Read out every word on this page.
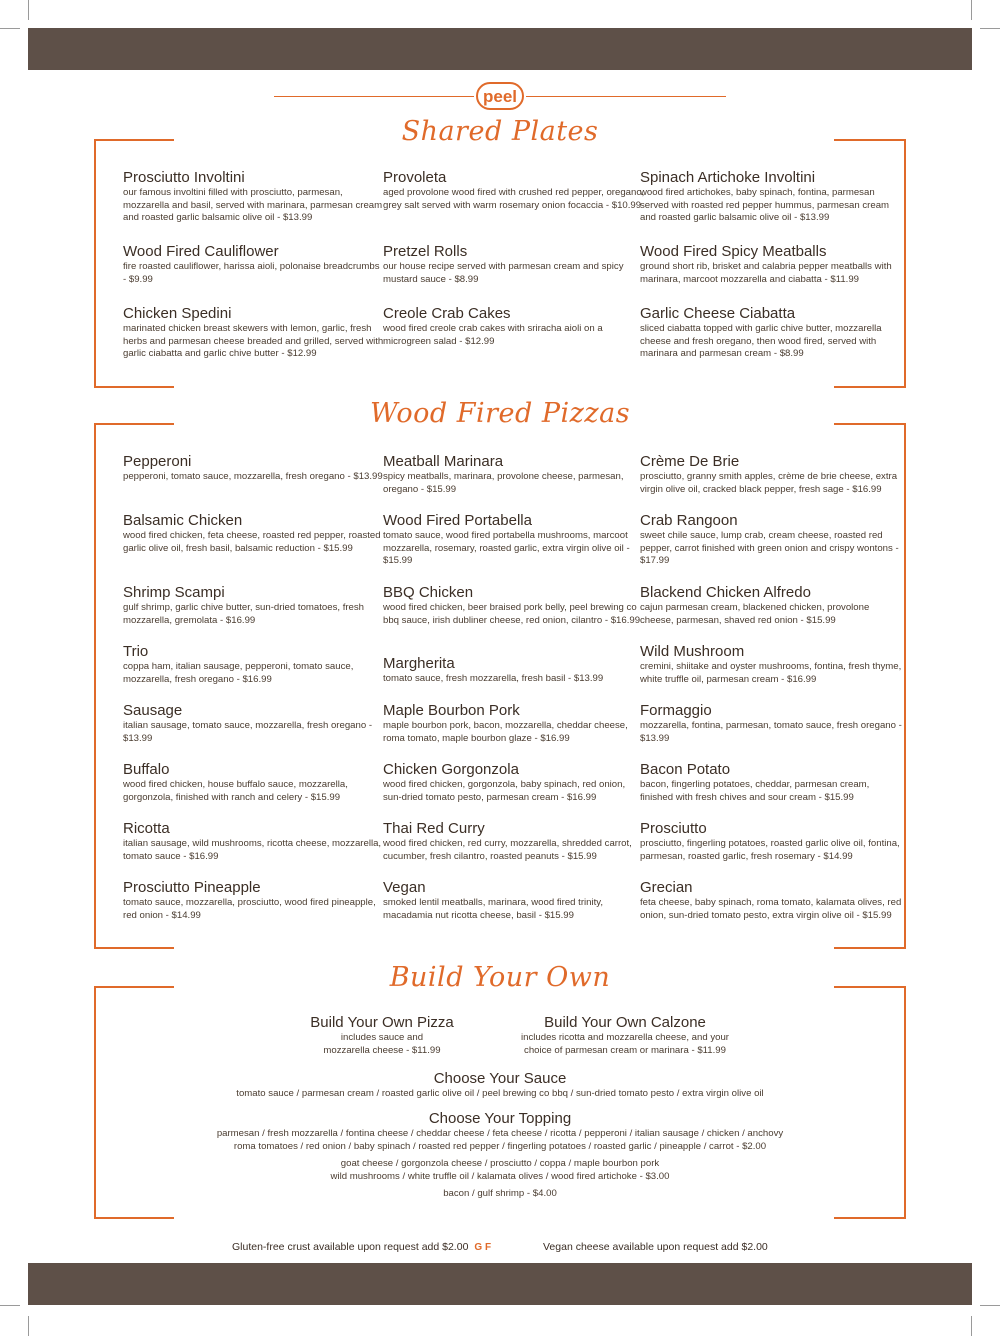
peel
Shared Plates
Prosciutto Involtini
our famous involtini filled with prosciutto, parmesan, mozzarella and basil, served with marinara, parmesan cream and roasted garlic balsamic olive oil - $13.99
Provoleta
aged provolone wood fired with crushed red pepper, oregano, grey salt served with warm rosemary onion focaccia - $10.99
Spinach Artichoke Involtini
wood fired artichokes, baby spinach, fontina, parmesan served with roasted red pepper hummus, parmesan cream and roasted garlic balsamic olive oil - $13.99
Wood Fired Cauliflower
fire roasted cauliflower, harissa aioli, polonaise breadcrumbs - $9.99
Pretzel Rolls
our house recipe served with parmesan cream and spicy mustard sauce - $8.99
Wood Fired Spicy Meatballs
ground short rib, brisket and calabria pepper meatballs with marinara, marcoot mozzarella and ciabatta - $11.99
Chicken Spedini
marinated chicken breast skewers with lemon, garlic, fresh herbs and parmesan cheese breaded and grilled, served with garlic ciabatta and garlic chive butter - $12.99
Creole Crab Cakes
wood fired creole crab cakes with sriracha aioli on a microgreen salad - $12.99
Garlic Cheese Ciabatta
sliced ciabatta topped with garlic chive butter, mozzarella cheese and fresh oregano, then wood fired, served with marinara and parmesan cream - $8.99
Wood Fired Pizzas
Pepperoni
pepperoni, tomato sauce, mozzarella, fresh oregano - $13.99
Meatball Marinara
spicy meatballs, marinara, provolone cheese, parmesan, oregano - $15.99
Crème De Brie
prosciutto, granny smith apples, crème de brie cheese, extra virgin olive oil, cracked black pepper, fresh sage - $16.99
Balsamic Chicken
wood fired chicken, feta cheese, roasted red pepper, roasted garlic olive oil, fresh basil, balsamic reduction - $15.99
Wood Fired Portabella
tomato sauce, wood fired portabella mushrooms, marcoot mozzarella, rosemary, roasted garlic, extra virgin olive oil - $15.99
Crab Rangoon
sweet chile sauce, lump crab, cream cheese, roasted red pepper, carrot finished with green onion and crispy wontons - $17.99
Shrimp Scampi
gulf shrimp, garlic chive butter, sun-dried tomatoes, fresh mozzarella, gremolata - $16.99
BBQ Chicken
wood fired chicken, beer braised pork belly, peel brewing co bbq sauce, irish dubliner cheese, red onion, cilantro - $16.99
Blackend Chicken Alfredo
cajun parmesan cream, blackened chicken, provolone cheese, parmesan, shaved red onion - $15.99
Trio
coppa ham, italian sausage, pepperoni, tomato sauce, mozzarella, fresh oregano - $16.99
Margherita
tomato sauce, fresh mozzarella, fresh basil - $13.99
Wild Mushroom
cremini, shiitake and oyster mushrooms, fontina, fresh thyme, white truffle oil, parmesan cream - $16.99
Sausage
italian sausage, tomato sauce, mozzarella, fresh oregano - $13.99
Maple Bourbon Pork
maple bourbon pork, bacon, mozzarella, cheddar cheese, roma tomato, maple bourbon glaze - $16.99
Formaggio
mozzarella, fontina, parmesan, tomato sauce, fresh oregano - $13.99
Buffalo
wood fired chicken, house buffalo sauce, mozzarella, gorgonzola, finished with ranch and celery - $15.99
Chicken Gorgonzola
wood fired chicken, gorgonzola, baby spinach, red onion, sun-dried tomato pesto, parmesan cream - $16.99
Bacon Potato
bacon, fingerling potatoes, cheddar, parmesan cream, finished with fresh chives and sour cream - $15.99
Ricotta
italian sausage, wild mushrooms, ricotta cheese, mozzarella, tomato sauce - $16.99
Thai Red Curry
wood fired chicken, red curry, mozzarella, shredded carrot, cucumber, fresh cilantro, roasted peanuts - $15.99
Prosciutto
prosciutto, fingerling potatoes, roasted garlic olive oil, fontina, parmesan, roasted garlic, fresh rosemary - $14.99
Prosciutto Pineapple
tomato sauce, mozzarella, prosciutto, wood fired pineapple, red onion - $14.99
Vegan
smoked lentil meatballs, marinara, wood fired trinity, macadamia nut ricotta cheese, basil - $15.99
Grecian
feta cheese, baby spinach, roma tomato, kalamata olives, red onion, sun-dried tomato pesto, extra virgin olive oil - $15.99
Build Your Own
Build Your Own Pizza
includes sauce and
mozzarella cheese - $11.99
Build Your Own Calzone
includes ricotta and mozzarella cheese, and your
choice of parmesan cream or marinara - $11.99
Choose Your Sauce
tomato sauce / parmesan cream / roasted garlic olive oil / peel brewing co bbq / sun-dried tomato pesto / extra virgin olive oil
Choose Your Topping
parmesan / fresh mozzarella / fontina cheese / cheddar cheese / feta cheese / ricotta / pepperoni / italian sausage / chicken / anchovy
roma tomatoes / red onion / baby spinach / roasted red pepper / fingerling potatoes / roasted garlic / pineapple / carrot - $2.00
goat cheese / gorgonzola cheese / prosciutto / coppa / maple bourbon pork
wild mushrooms / white truffle oil / kalamata olives / wood fired artichoke - $3.00
bacon / gulf shrimp - $4.00
Gluten-free crust available upon request add $2.00 G F	Vegan cheese available upon request add $2.00
